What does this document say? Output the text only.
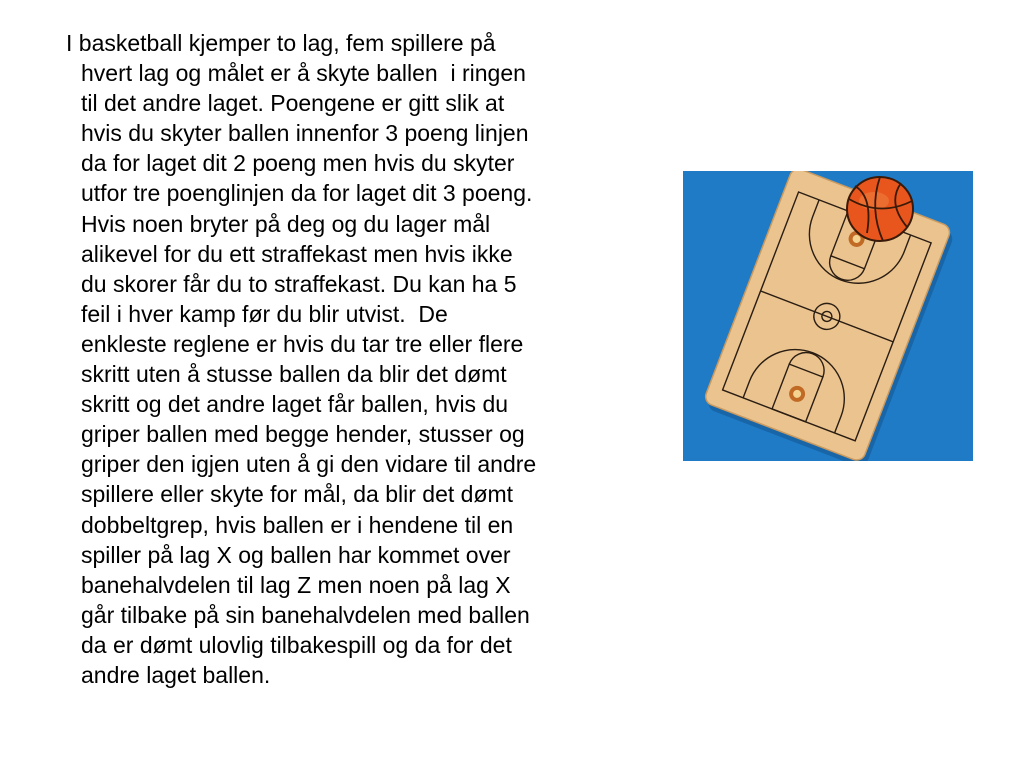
I basketball kjemper to lag, fem spillere på
hvert lag og målet er å skyte ballen  i ringen
til det andre laget. Poengene er gitt slik at
hvis du skyter ballen innenfor 3 poeng linjen
da for laget dit 2 poeng men hvis du skyter
utfor tre poenglinjen da for laget dit 3 poeng.
Hvis noen bryter på deg og du lager mål
alikevel for du ett straffekast men hvis ikke
du skorer får du to straffekast. Du kan ha 5
feil i hver kamp før du blir utvist.  De
enkleste reglene er hvis du tar tre eller flere
skritt uten å stusse ballen da blir det dømt
skritt og det andre laget får ballen, hvis du
griper ballen med begge hender, stusser og
griper den igjen uten å gi den vidare til andre
spillere eller skyte for mål, da blir det dømt
dobbeltgrep, hvis ballen er i hendene til en
spiller på lag X og ballen har kommet over
banehalvdelen til lag Z men noen på lag X
går tilbake på sin banehalvdelen med ballen
da er dømt ulovlig tilbakespill og da for det
andre laget ballen.
